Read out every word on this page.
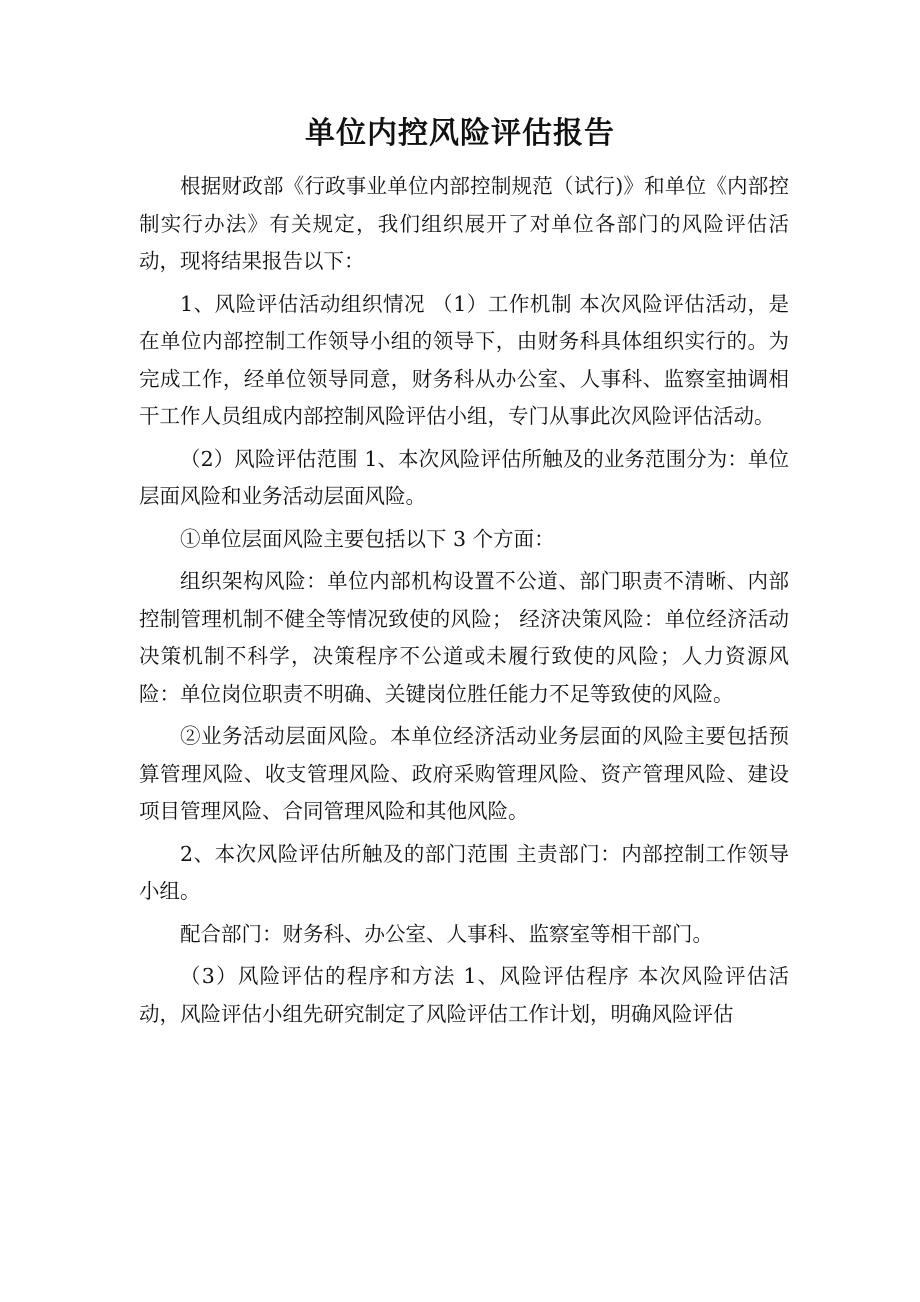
单位内控风险评估报告

根据财政部《行政事业单位内部控制规范（试行)》和单位《内部控制实行办法》有关规定，我们组织展开了对单位各部门的风险评估活动，现将结果报告以下：

1、风险评估活动组织情况 （1）工作机制 本次风险评估活动，是在单位内部控制工作领导小组的领导下，由财务科具体组织实行的。为完成工作，经单位领导同意，财务科从办公室、人事科、监察室抽调相干工作人员组成内部控制风险评估小组，专门从事此次风险评估活动。

（2）风险评估范围 1、本次风险评估所触及的业务范围分为：单位层面风险和业务活动层面风险。

①单位层面风险主要包括以下 3 个方面：

组织架构风险：单位内部机构设置不公道、部门职责不清晰、内部控制管理机制不健全等情况致使的风险； 经济决策风险：单位经济活动决策机制不科学，决策程序不公道或未履行致使的风险；人力资源风险：单位岗位职责不明确、关键岗位胜任能力不足等致使的风险。

②业务活动层面风险。本单位经济活动业务层面的风险主要包括预算管理风险、收支管理风险、政府采购管理风险、资产管理风险、建设项目管理风险、合同管理风险和其他风险。

2、本次风险评估所触及的部门范围 主责部门：内部控制工作领导小组。

配合部门：财务科、办公室、人事科、监察室等相干部门。

（3）风险评估的程序和方法 1、风险评估程序 本次风险评估活动，风险评估小组先研究制定了风险评估工作计划，明确风险评估
